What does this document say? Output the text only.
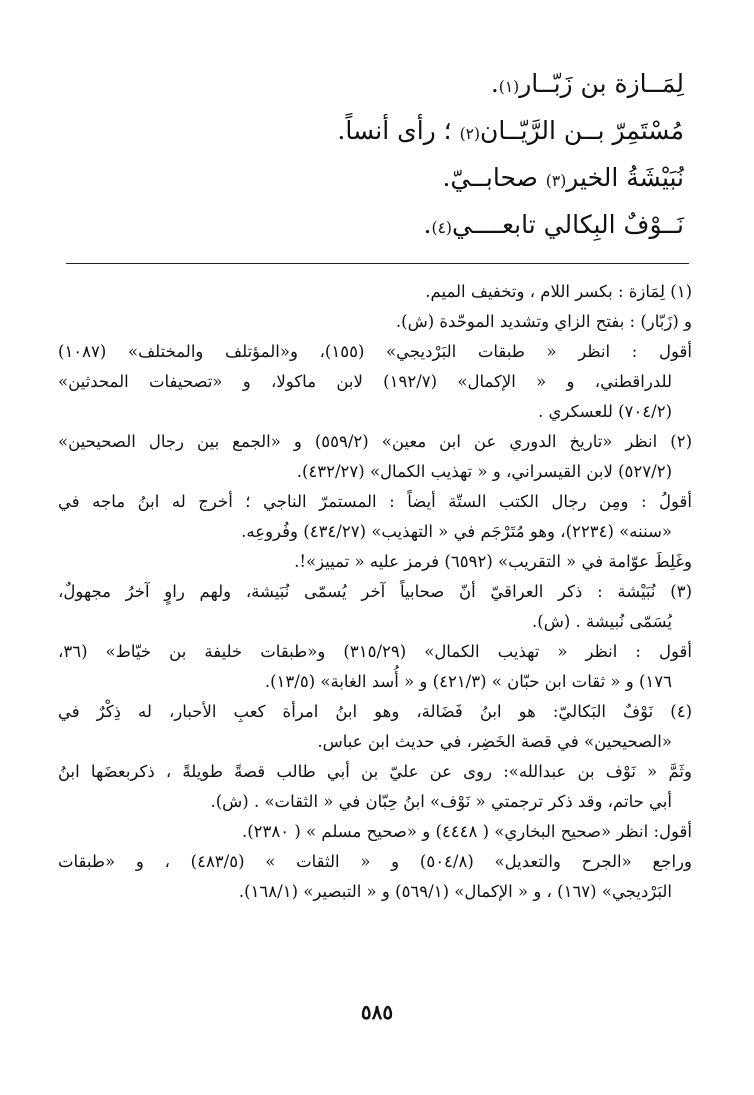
لِمَــازة بن زَبّــار(١).
مُسْتَمِرّ بــن الرَّيّــان(٢) ؛ رأى أنساً.
نُبَيْشَةُ الخير(٣) صحابــيّ.
نَــوْفٌ البِكالي تابعــــي(٤).
(١) لِمَازة : بكسر اللام ، وتخفيف الميم.
و (زَبّار) : بفتح الزاي وتشديد الموحّدة (ش).
أقول : انظر « طبقات البَرْديجي» (١٥٥)، و«المؤتلف والمختلف» (١٠٨٧)
للدراقطني، و « الإكمال» (١٩٢/٧) لابن ماكولا، و «تصحيفات المحدثين»
(٧٠٤/٢) للعسكري .
(٢) انظر «تاريخ الدوري عن ابن معين» (٥٥٩/٢) و «الجمع بين رجال الصحيحين»
(٥٢٧/٢) لابن القيسراني، و « تهذيب الكمال» (٤٣٢/٢٧).
أقولُ : ومِن رجال الكتب الستّة أيضاً : المستمرّ الناجي ؛ أخرج له ابنُ ماجه في
«سننه» (٢٢٣٤)، وهو مُتَرْجَم في « التهذيب» (٤٣٤/٢٧) وفُروعِه.
وغَلِطَ عوّامة في « التقريب» (٦٥٩٢) فرمز عليه « تمييز»!.
(٣) نُبَيْشة : ذكر العراقيّ أنّ صحابياً آخر يُسمّى نُبَيشة، ولهم راوٍ آخرُ مجهولٌ،
يُسَمّى نُبيشة . (ش).
أقول : انظر « تهذيب الكمال» (٣١٥/٢٩) و«طبقات خليفة بن خيّاط» (٣٦،
١٧٦) و « ثقات ابن حبّان » (٤٢١/٣) و « أُسد الغابة» (١٣/٥).
(٤) نَوْفٌ البَكاليّ: هو ابنُ فَضَالة، وهو ابنُ امرأة كعبِ الأحبار، له ذِكْرٌ في
«الصحيحين» في قصة الخَضِر، في حديث ابن عباس.
وثَمَّ « نَوْف بن عبدالله»: روى عن عليّ بن أبي طالب قصةً طويلةً ، ذكربعضَها ابنُ
أبي حاتم، وقد ذكر ترجمتي « نَوْف» ابنُ حِبّان في « الثقات» . (ش).
أقول: انظر «صحيح البخاري» ( ٤٤٤٨) و «صحيح مسلم » ( ٢٣٨٠).
وراجع «الجرح والتعديل» (٥٠٤/٨) و « الثقات » (٤٨٣/٥) ، و «طبقات
البَرْديجي» (١٦٧) ، و « الإكمال» (٥٦٩/١) و « التبصير» (١٦٨/١).
٥٨٥
